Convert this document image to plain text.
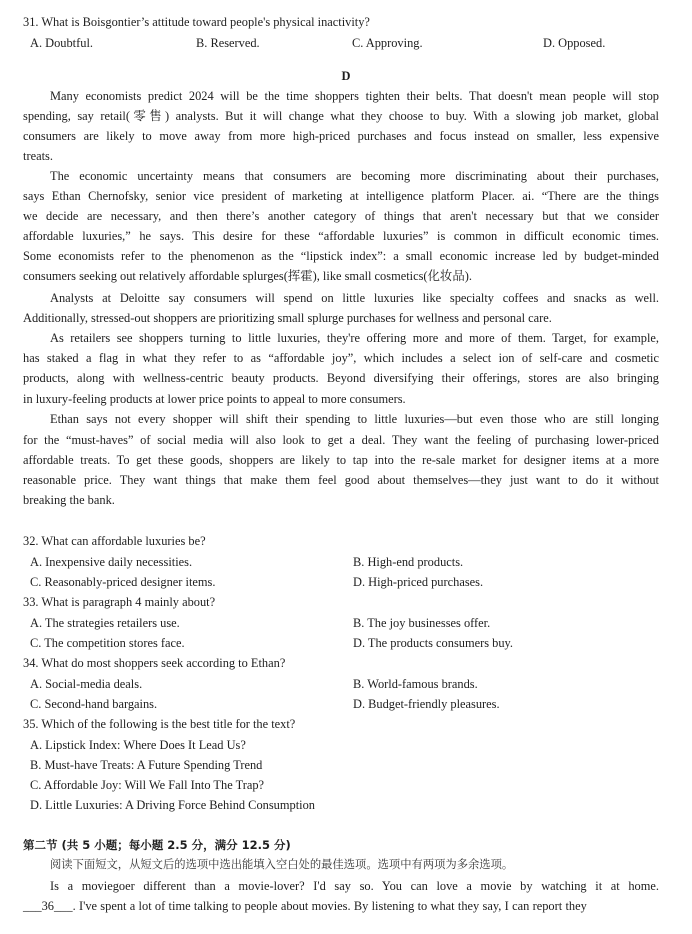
31. What is Boisgontier’s attitude toward people's physical inactivity?
A. Doubtful.	B. Reserved.	C. Approving.	D. Opposed.
D
Many economists predict 2024 will be the time shoppers tighten their belts. That doesn't mean people will stop
spending, say retail(零售) analysts. But it will change what they choose to buy. With a slowing job market, global
consumers are likely to move away from more high-priced purchases and focus instead on smaller, less expensive
treats.
The economic uncertainty means that consumers are becoming more discriminating about their purchases,
says Ethan Chernofsky, senior vice president of marketing at intelligence platform Placer. ai. “There are the things
we decide are necessary, and then there’s another category of things that aren't necessary but that we consider
affordable luxuries,” he says. This desire for these “affordable luxuries” is common in difficult economic times.
Some economists refer to the phenomenon as the “lipstick index”: a small economic increase led by budget-minded
consumers seeking out relatively affordable splurges(挥霍), like small cosmetics(化妆品).
Analysts at Deloitte say consumers will spend on little luxuries like specialty coffees and snacks as well.
Additionally, stressed-out shoppers are prioritizing small splurge purchases for wellness and personal care.
As retailers see shoppers turning to little luxuries, they're offering more and more of them. Target, for example,
has staked a flag in what they refer to as “affordable joy”, which includes a select ion of self-care and cosmetic
products, along with wellness-centric beauty products. Beyond diversifying their offerings, stores are also bringing
in luxury-feeling products at lower price points to appeal to more consumers.
Ethan says not every shopper will shift their spending to little luxuries—but even those who are still longing
for the “must-haves” of social media will also look to get a deal. They want the feeling of purchasing lower-priced
affordable treats. To get these goods, shoppers are likely to tap into the re-sale market for designer items at a more
reasonable price. They want things that make them feel good about themselves—they just want to do it without
breaking the bank.
32. What can affordable luxuries be?
A. Inexpensive daily necessities.	B. High-end products.
C. Reasonably-priced designer items.	D. High-priced purchases.
33. What is paragraph 4 mainly about?
A. The strategies retailers use.	B. The joy businesses offer.
C. The competition stores face.	D. The products consumers buy.
34. What do most shoppers seek according to Ethan?
A. Social-media deals.	B. World-famous brands.
C. Second-hand bargains.	D. Budget-friendly pleasures.
35. Which of the following is the best title for the text?
A. Lipstick Index: Where Does It Lead Us?
B. Must-have Treats: A Future Spending Trend
C. Affordable Joy: Will We Fall Into The Trap?
D. Little Luxuries: A Driving Force Behind Consumption
第二节 (共 5 小题；每小题 2.5 分，满分 12.5 分)
阅读下面短文，从短文后的选项中选出能填入空白处的最佳选项。选项中有两项为多余选项。
Is a moviegoer different than a movie-lover? I'd say so. You can love a movie by watching it at home.
___36___. I've spent a lot of time talking to people about movies. By listening to what they say, I can report they
